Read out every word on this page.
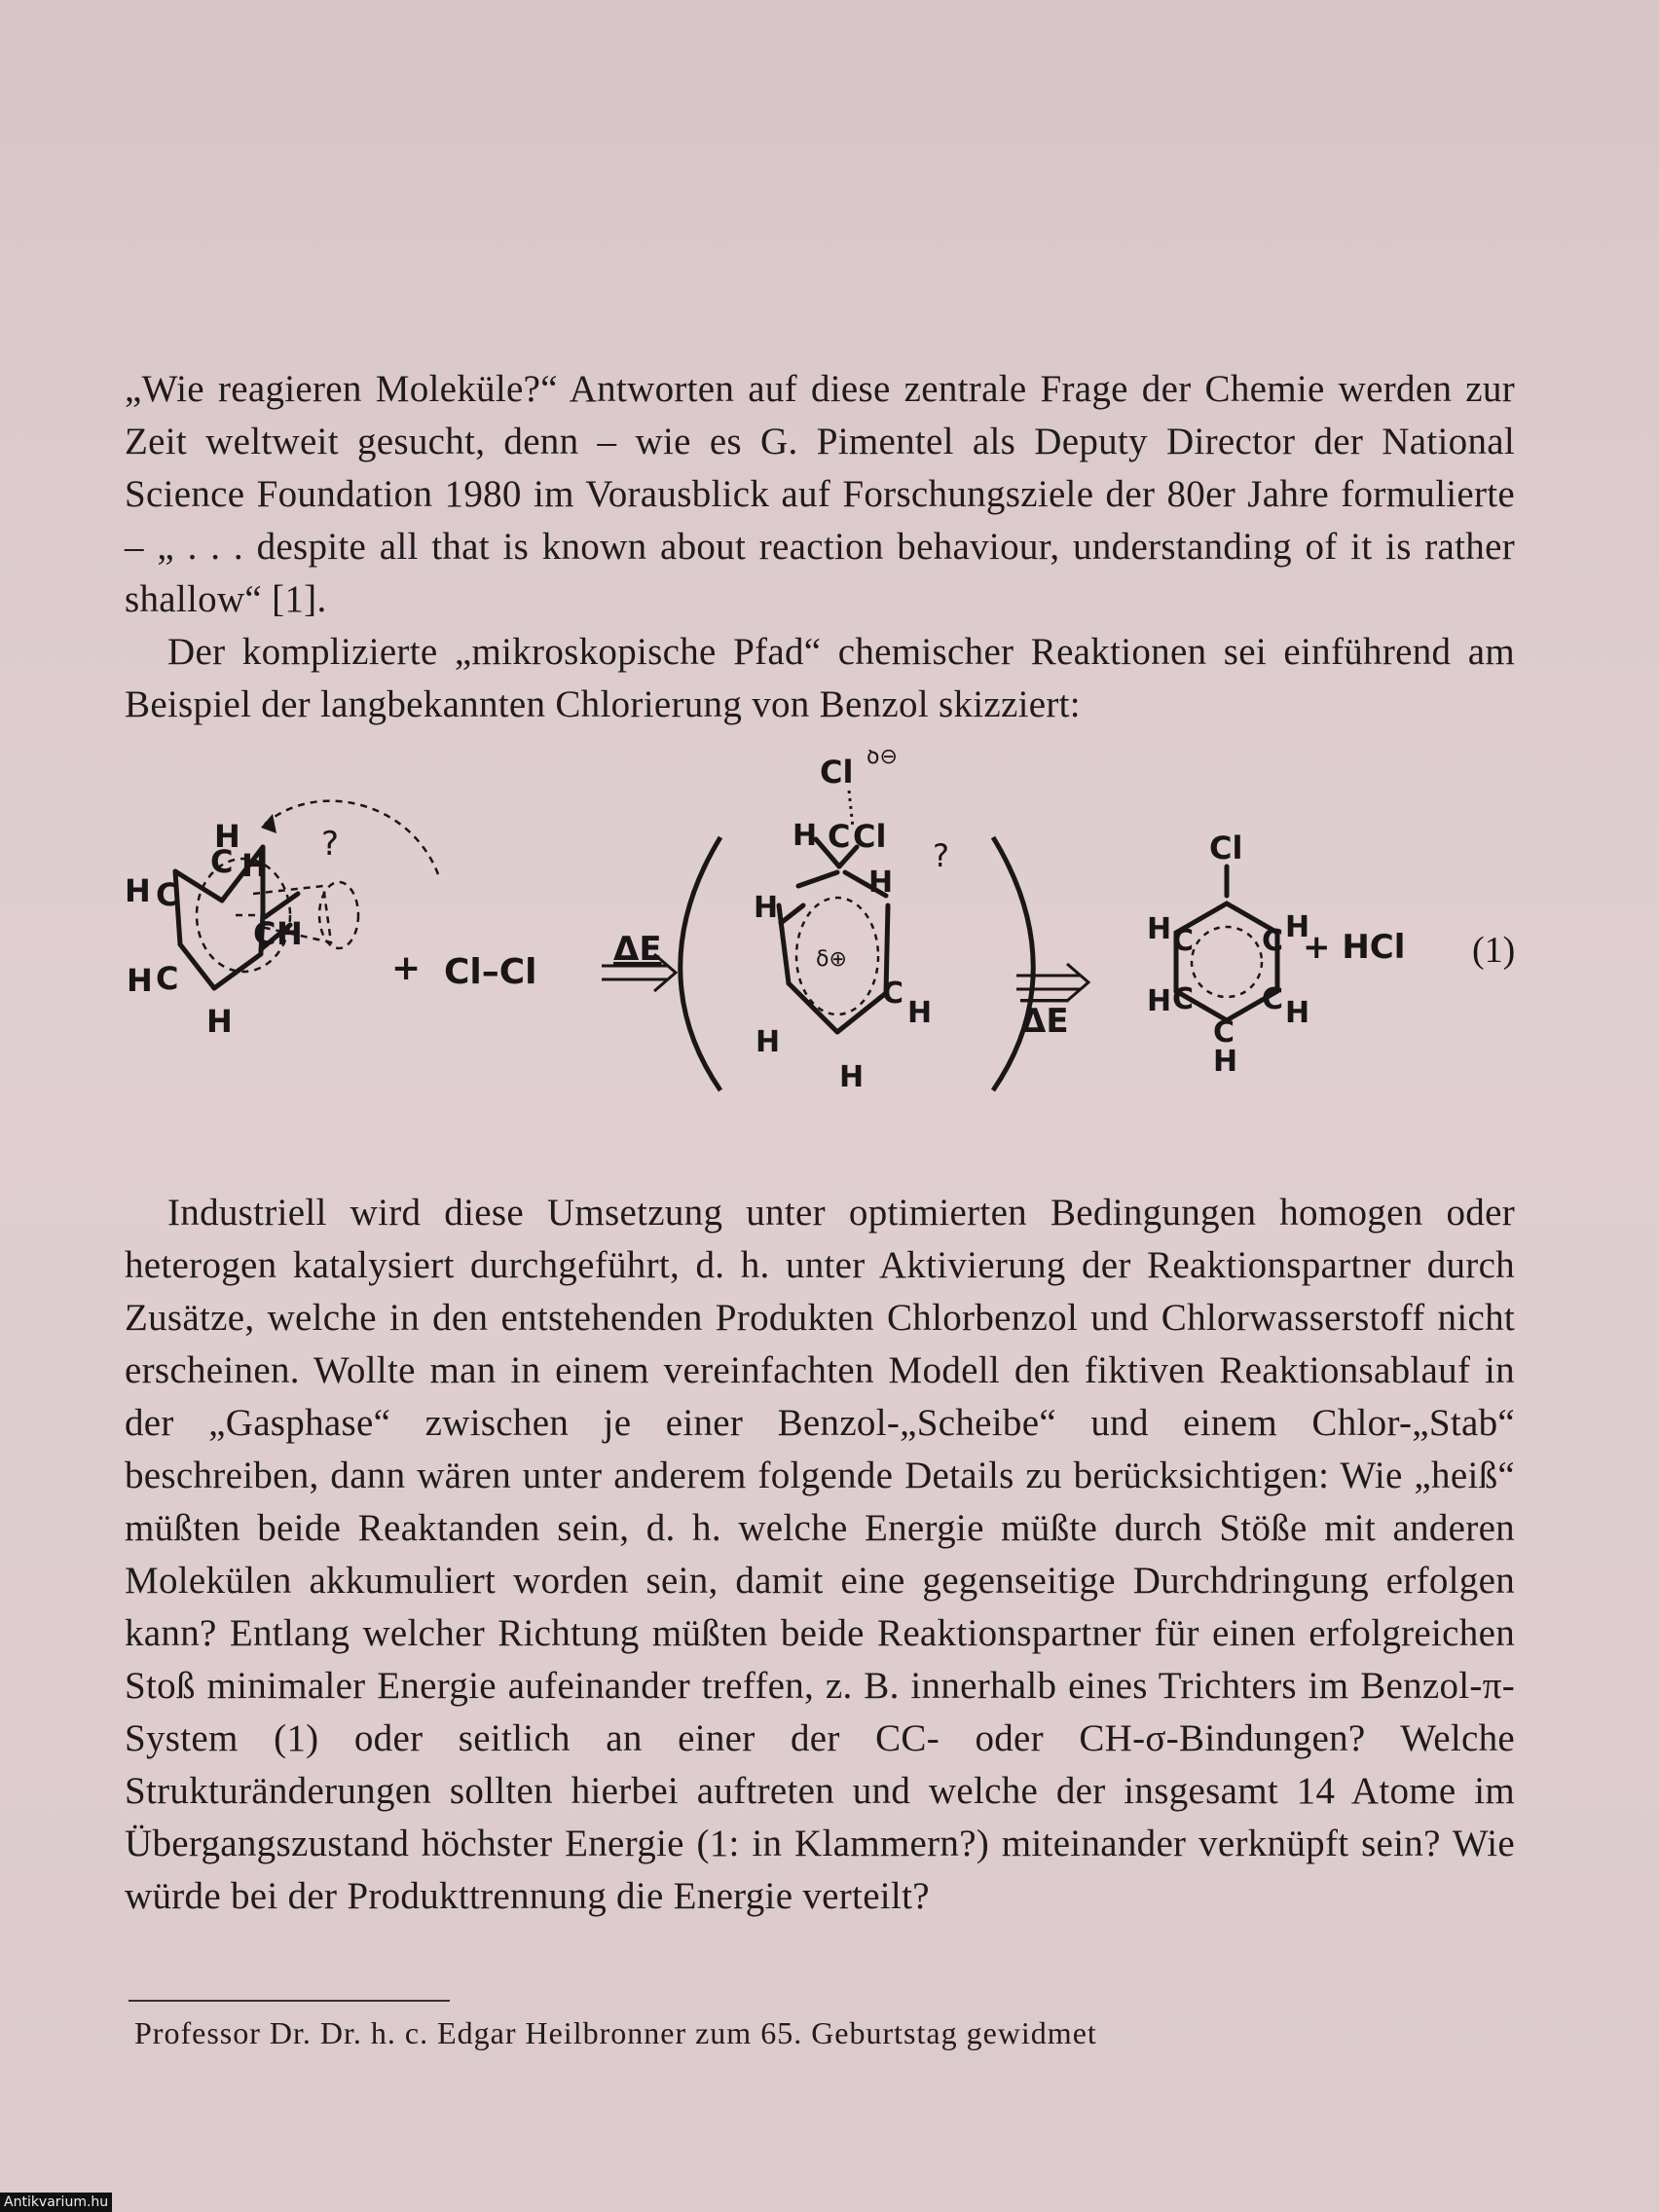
„Wie reagieren Moleküle?“ Antworten auf diese zentrale Frage der Chemie werden zur Zeit weltweit gesucht, denn – wie es G. Pimentel als Deputy Director der National Science Foundation 1980 im Vorausblick auf Forschungsziele der 80er Jahre formulierte – „ . . . despite all that is known about reaction behaviour, understanding of it is rather shallow“ [1].

Der komplizierte „mikroskopische Pfad“ chemischer Reaktionen sei einführend am Beispiel der langbekannten Chlorierung von Benzol skizziert:

H
C H
?
H C
C H
H C
H
+ Cl–Cl
ΔE
Cl δ⊖
H Cl
C
H
?
H
δ⊕
C
H
H
H
ΔE
Cl
H C C H
+ HCl
H C C H
C
H
(1)

Industriell wird diese Umsetzung unter optimierten Bedingungen homogen oder heterogen katalysiert durchgeführt, d. h. unter Aktivierung der Reaktionspartner durch Zusätze, welche in den entstehenden Produkten Chlorbenzol und Chlorwasserstoff nicht erscheinen. Wollte man in einem vereinfachten Modell den fiktiven Reaktionsablauf in der „Gasphase“ zwischen je einer Benzol-„Scheibe“ und einem Chlor-„Stab“ beschreiben, dann wären unter anderem folgende Details zu berücksichtigen: Wie „heiß“ müßten beide Reaktanden sein, d. h. welche Energie müßte durch Stöße mit anderen Molekülen akkumuliert worden sein, damit eine gegenseitige Durchdringung erfolgen kann? Entlang welcher Richtung müßten beide Reaktionspartner für einen erfolgreichen Stoß minimaler Energie aufeinander treffen, z. B. innerhalb eines Trichters im Benzol-π-System (1) oder seitlich an einer der CC- oder CH-σ-Bindungen? Welche Strukturänderungen sollten hierbei auftreten und welche der insgesamt 14 Atome im Übergangszustand höchster Energie (1: in Klammern?) miteinander verknüpft sein? Wie würde bei der Produkttrennung die Energie verteilt?

Professor Dr. Dr. h. c. Edgar Heilbronner zum 65. Geburtstag gewidmet
Antikvarium.hu
